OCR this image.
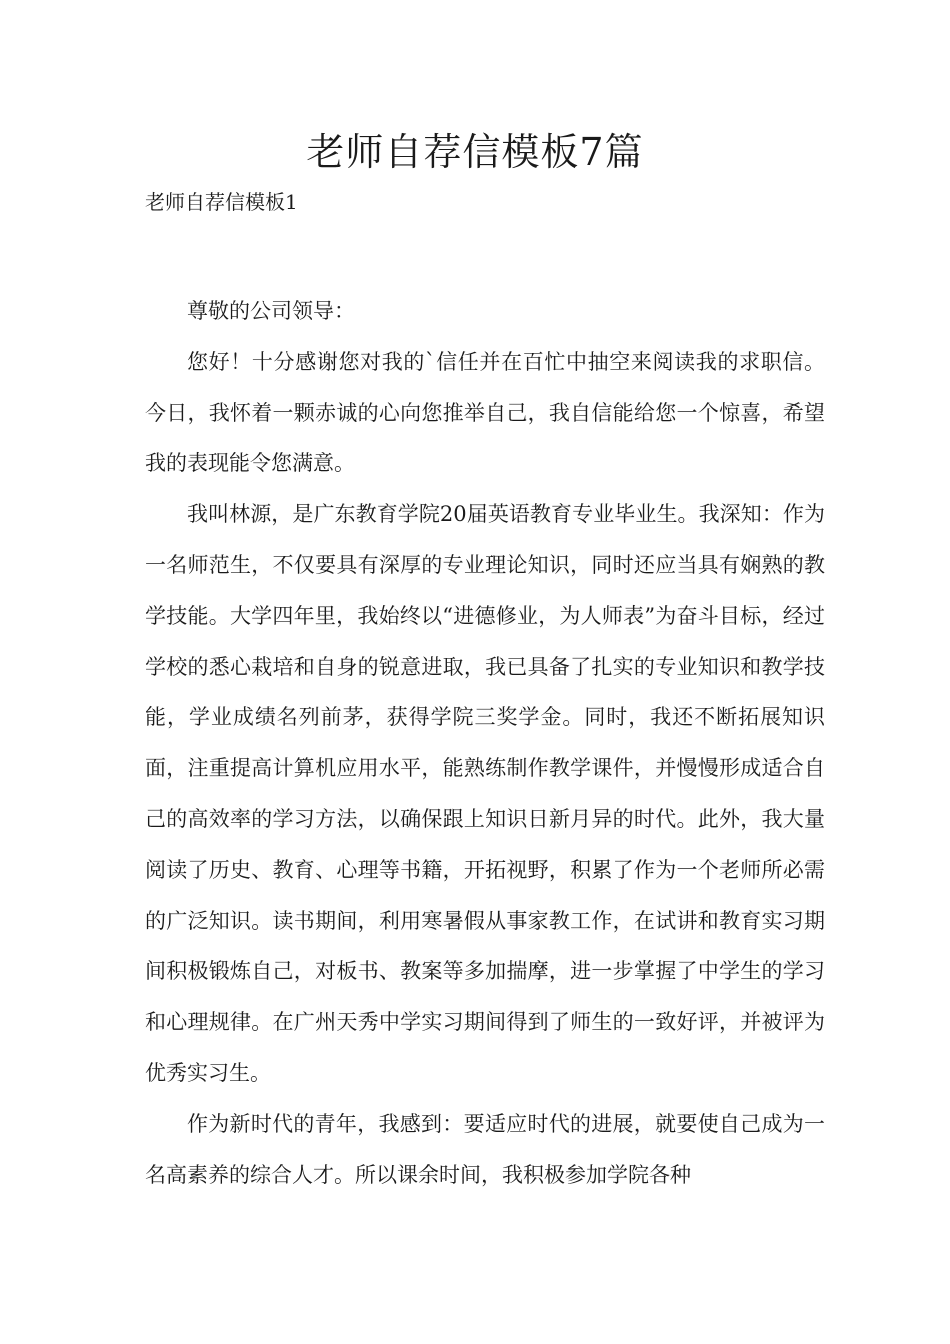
老师自荐信模板7篇
老师自荐信模板1

尊敬的公司领导：

您好！十分感谢您对我的`信任并在百忙中抽空来阅读我的求职信。今日，我怀着一颗赤诚的心向您推举自己，我自信能给您一个惊喜，希望我的表现能令您满意。

我叫林源，是广东教育学院20届英语教育专业毕业生。我深知：作为一名师范生，不仅要具有深厚的专业理论知识，同时还应当具有娴熟的教学技能。大学四年里，我始终以“进德修业，为人师表”为奋斗目标，经过学校的悉心栽培和自身的锐意进取，我已具备了扎实的专业知识和教学技能，学业成绩名列前茅，获得学院三奖学金。同时，我还不断拓展知识面，注重提高计算机应用水平，能熟练制作教学课件，并慢慢形成适合自己的高效率的学习方法，以确保跟上知识日新月异的时代。此外，我大量阅读了历史、教育、心理等书籍，开拓视野，积累了作为一个老师所必需的广泛知识。读书期间，利用寒暑假从事家教工作，在试讲和教育实习期间积极锻炼自己，对板书、教案等多加揣摩，进一步掌握了中学生的学习和心理规律。在广州天秀中学实习期间得到了师生的一致好评，并被评为优秀实习生。

作为新时代的青年，我感到：要适应时代的进展，就要使自己成为一名高素养的综合人才。所以课余时间，我积极参加学院各种
